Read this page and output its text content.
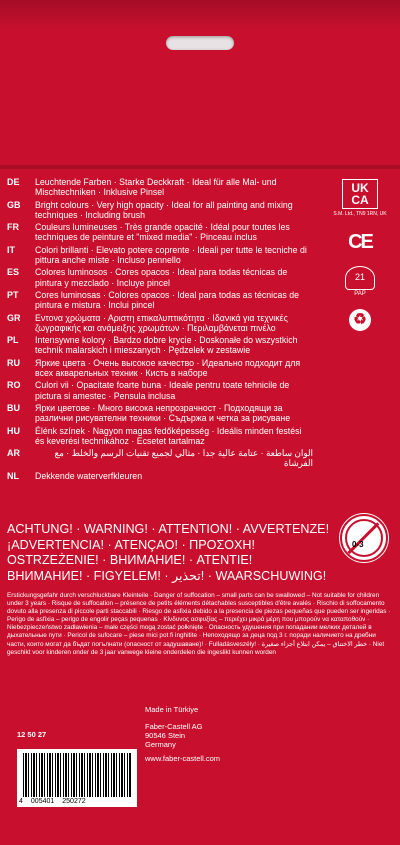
DE	Leuchtende Farben · Starke Deckkraft · Ideal für alle Mal- und Mischtechniken · Inklusive Pinsel
GB	Bright colours · Very high opacity · Ideal for all painting and mixing techniques · Including brush
FR	Couleurs lumineuses · Très grande opacité · Idéal pour toutes les techniques de peinture et "mixed media" · Pinceau inclus
IT	Colori brillanti · Elevato potere coprente · Ideali per tutte le tecniche di pittura anche miste · Incluso pennello
ES	Colores luminosos · Cores opacos · Ideal para todas técnicas de pintura y mezclado · Incluye pincel
PT	Cores luminosas · Colores opacos · Ideal para todas as técnicas de pintura e mistura · Inclui pincel
GR	Εντονα χρώματα · Αριστη επικαλυπτικότητα · Ιδανικά για τεχνικές ζωγραφικής και ανάμειξης χρωμάτων · Περιλαμβάνεται πινέλο
PL	Intensywne kolory · Bardzo dobre krycie · Doskonałe do wszystkich technik malarskich i mieszanych · Pędzelek w zestawie
RU	Яркие цвета · Очень высокое качество · Идеально подходит для всех акварельных техник · Кисть в наборе
RO	Culori vii · Opacitate foarte buna · Ideale pentru toate tehnicile de pictura si amestec · Pensula inclusa
BU	Ярки цветове · Много висока непрозрачност · Подходящи за различни рисувателни техники · Съдържа и четка за рисуване
HU	Élénk színek · Nagyon magas fedőképesség · Ideális minden festési és keverési technikához · Ecsetet tartalmaz
AR	الوان ساطعة · عتامة عالية جدا · مثالي لجميع تقنيات الرسم والخلط · مع الفرشاة
NL	Dekkende waterverfkleuren
UK CA
S.M. Ltd., TN9 1RN, UK
CE
21
PAP
♻
ACHTUNG! · WARNING! · ATTENTION! · AVVERTENZE!
¡ADVERTENCIA! · ATENÇAO! · ΠΡΟΣΟΧΗ!
OSTRZEŻENIE! · ВНИМАНИЕ! · ATENTIE!
ВНИМАНИЕ! · FIGYELEM! · تحذير! · WAARSCHUWING!
0-3
Erstickungsgefahr durch verschluckbare Kleinteile · Danger of suffocation – small parts can be swallowed – Not suitable for children under 3 years · Risque de suffocation – présence de petits éléments détachables susceptibles d'être avalés · Rischio di soffocamento dovuto alla presenza di piccole parti staccabili · Riesgo de asfixia debido a la presencia de piezas pequeñas que pueden ser ingeridas · Perigo de asfixia – perigo de engolir peças pequenas · Κίνδυνος ασφυξίας – περιέχει μικρά μέρη που μπορούν να καταποθούν · Niebezpieczeństwo zadławienia – małe części mogą zostać połknięte · Опасность удушения при попадании мелких деталей в дыхательные пути · Pericol de sufocare – piese mici pot fi inghitite · Непоходящо за деца под 3 г. поради наличието на дребни части, които могат да бъдат погълнати (опасност от задушаване)! · Fulladásveszély! · خطر الاختناق – يمكن ابتلاع أجزاء صغيرة · Niet geschikt voor kinderen onder de 3 jaar vanwege kleine onderdelen die ingeslikt kunnen worden
Made in Türkiye
12 50 27
Faber-Castell AG
90546 Stein
Germany
www.faber-castell.com
4 005401 250272
